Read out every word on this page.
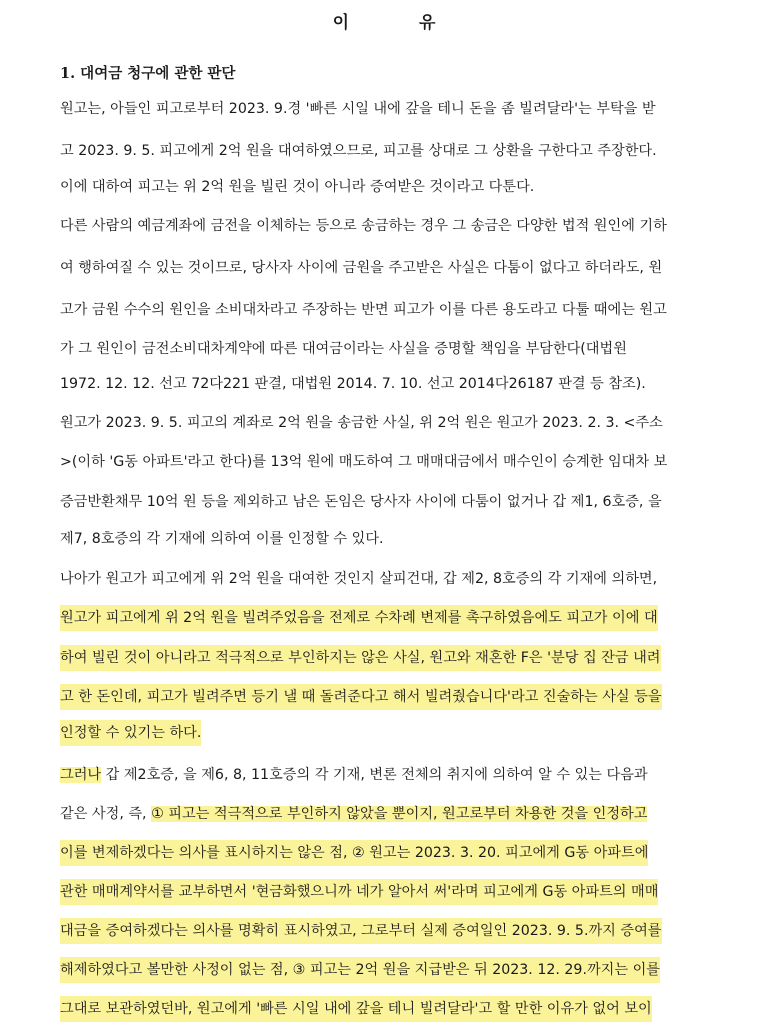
이	유
1. 대여금 청구에 관한 판단
원고는, 아들인 피고로부터 2023. 9.경 '빠른 시일 내에 갚을 테니 돈을 좀 빌려달라'는 부탁을 받
고 2023. 9. 5. 피고에게 2억 원을 대여하였으므로, 피고를 상대로 그 상환을 구한다고 주장한다.
이에 대하여 피고는 위 2억 원을 빌린 것이 아니라 증여받은 것이라고 다툰다.
다른 사람의 예금계좌에 금전을 이체하는 등으로 송금하는 경우 그 송금은 다양한 법적 원인에 기하
여 행하여질 수 있는 것이므로, 당사자 사이에 금원을 주고받은 사실은 다툼이 없다고 하더라도, 원
고가 금원 수수의 원인을 소비대차라고 주장하는 반면 피고가 이를 다른 용도라고 다툴 때에는 원고
가 그 원인이 금전소비대차계약에 따른 대여금이라는 사실을 증명할 책임을 부담한다(대법원
1972. 12. 12. 선고 72다221 판결, 대법원 2014. 7. 10. 선고 2014다26187 판결 등 참조).
원고가 2023. 9. 5. 피고의 계좌로 2억 원을 송금한 사실, 위 2억 원은 원고가 2023. 2. 3. <주소
>(이하 'G동 아파트'라고 한다)를 13억 원에 매도하여 그 매매대금에서 매수인이 승계한 임대차 보
증금반환채무 10억 원 등을 제외하고 남은 돈임은 당사자 사이에 다툼이 없거나 갑 제1, 6호증, 을
제7, 8호증의 각 기재에 의하여 이를 인정할 수 있다.
나아가 원고가 피고에게 위 2억 원을 대여한 것인지 살피건대, 갑 제2, 8호증의 각 기재에 의하면,
원고가 피고에게 위 2억 원을 빌려주었음을 전제로 수차례 변제를 촉구하였음에도 피고가 이에 대
하여 빌린 것이 아니라고 적극적으로 부인하지는 않은 사실, 원고와 재혼한 F은 '분당 집 잔금 내려
고 한 돈인데, 피고가 빌려주면 등기 낼 때 돌려준다고 해서 빌려줬습니다'라고 진술하는 사실 등을
인정할 수 있기는 하다.
그러나 갑 제2호증, 을 제6, 8, 11호증의 각 기재, 변론 전체의 취지에 의하여 알 수 있는 다음과
같은 사정, 즉, ① 피고는 적극적으로 부인하지 않았을 뿐이지, 원고로부터 차용한 것을 인정하고
이를 변제하겠다는 의사를 표시하지는 않은 점, ② 원고는 2023. 3. 20. 피고에게 G동 아파트에
관한 매매계약서를 교부하면서 '현금화했으니까 네가 알아서 써'라며 피고에게 G동 아파트의 매매
대금을 증여하겠다는 의사를 명확히 표시하였고, 그로부터 실제 증여일인 2023. 9. 5.까지 증여를
해제하였다고 볼만한 사정이 없는 점, ③ 피고는 2억 원을 지급받은 뒤 2023. 12. 29.까지는 이를
그대로 보관하였던바, 원고에게 '빠른 시일 내에 갚을 테니 빌려달라'고 할 만한 이유가 없어 보이
